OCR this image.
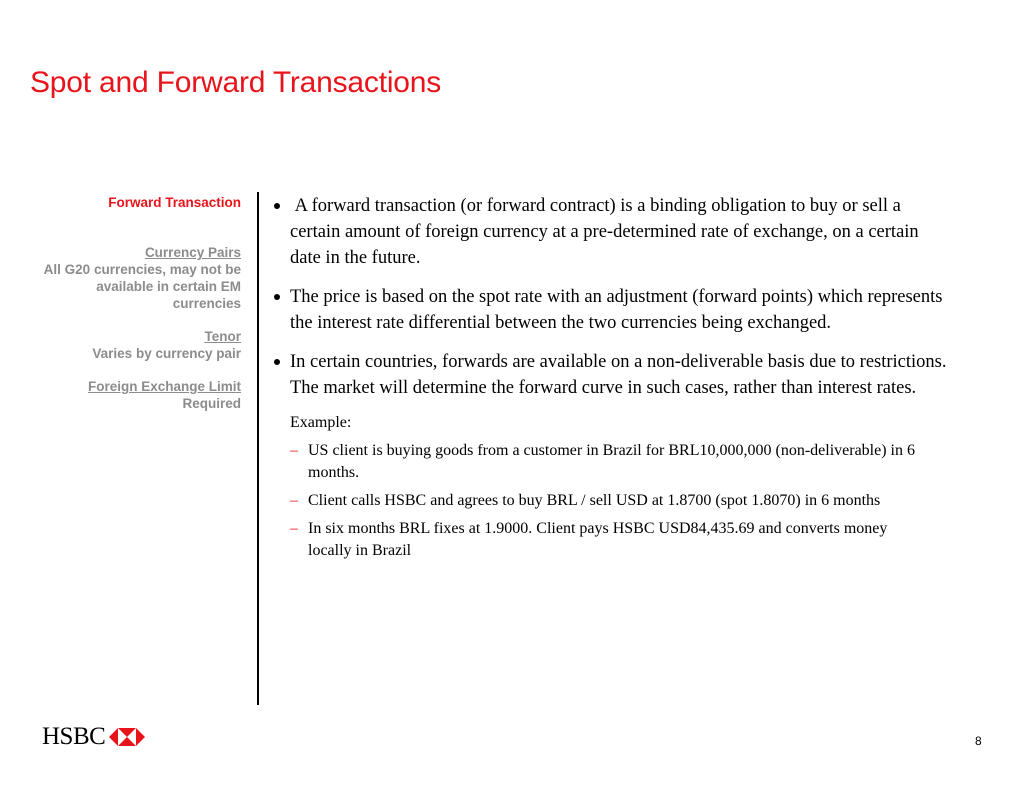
Spot and Forward Transactions
Forward Transaction
Currency Pairs
All G20 currencies, may not be available in certain EM currencies
Tenor
Varies by currency pair
Foreign Exchange Limit
Required
A forward transaction (or forward contract) is a binding obligation to buy or sell a certain amount of foreign currency at a pre-determined rate of exchange, on a certain date in the future.
The price is based on the spot rate with an adjustment (forward points) which represents the interest rate differential between the two currencies being exchanged.
In certain countries, forwards are available on a non-deliverable basis due to restrictions. The market will determine the forward curve in such cases, rather than interest rates.
Example:
– US client is buying goods from a customer in Brazil for BRL10,000,000 (non-deliverable) in 6 months.
– Client calls HSBC and agrees to buy BRL / sell USD at 1.8700 (spot 1.8070) in 6 months
– In six months BRL fixes at 1.9000. Client pays HSBC USD84,435.69 and converts money locally in Brazil
HSBC	8
